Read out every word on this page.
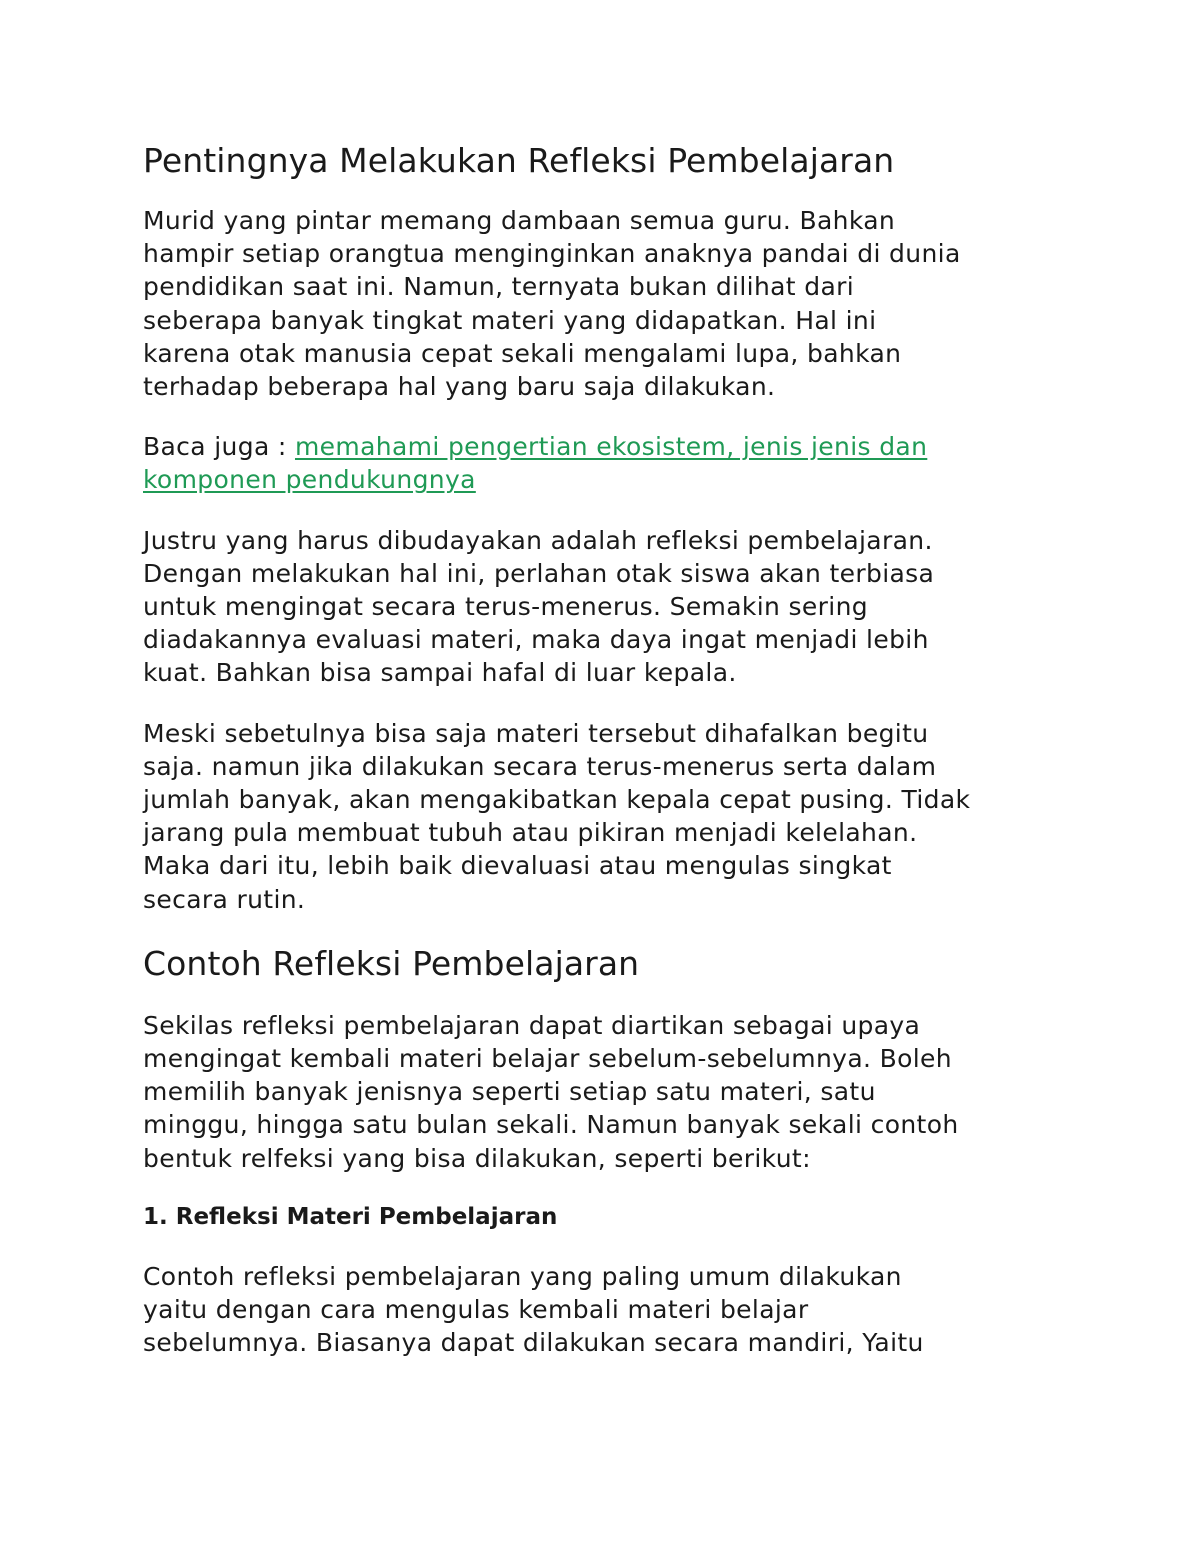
Pentingnya Melakukan Refleksi Pembelajaran
Murid yang pintar memang dambaan semua guru. Bahkan
hampir setiap orangtua menginginkan anaknya pandai di dunia
pendidikan saat ini. Namun, ternyata bukan dilihat dari
seberapa banyak tingkat materi yang didapatkan. Hal ini
karena otak manusia cepat sekali mengalami lupa, bahkan
terhadap beberapa hal yang baru saja dilakukan.
Baca juga : memahami pengertian ekosistem, jenis jenis dan
komponen pendukungnya
Justru yang harus dibudayakan adalah refleksi pembelajaran.
Dengan melakukan hal ini, perlahan otak siswa akan terbiasa
untuk mengingat secara terus-menerus. Semakin sering
diadakannya evaluasi materi, maka daya ingat menjadi lebih
kuat. Bahkan bisa sampai hafal di luar kepala.
Meski sebetulnya bisa saja materi tersebut dihafalkan begitu
saja. namun jika dilakukan secara terus-menerus serta dalam
jumlah banyak, akan mengakibatkan kepala cepat pusing. Tidak
jarang pula membuat tubuh atau pikiran menjadi kelelahan.
Maka dari itu, lebih baik dievaluasi atau mengulas singkat
secara rutin.
Contoh Refleksi Pembelajaran
Sekilas refleksi pembelajaran dapat diartikan sebagai upaya
mengingat kembali materi belajar sebelum-sebelumnya. Boleh
memilih banyak jenisnya seperti setiap satu materi, satu
minggu, hingga satu bulan sekali. Namun banyak sekali contoh
bentuk relfeksi yang bisa dilakukan, seperti berikut:
1. Refleksi Materi Pembelajaran
Contoh refleksi pembelajaran yang paling umum dilakukan
yaitu dengan cara mengulas kembali materi belajar
sebelumnya. Biasanya dapat dilakukan secara mandiri, Yaitu
